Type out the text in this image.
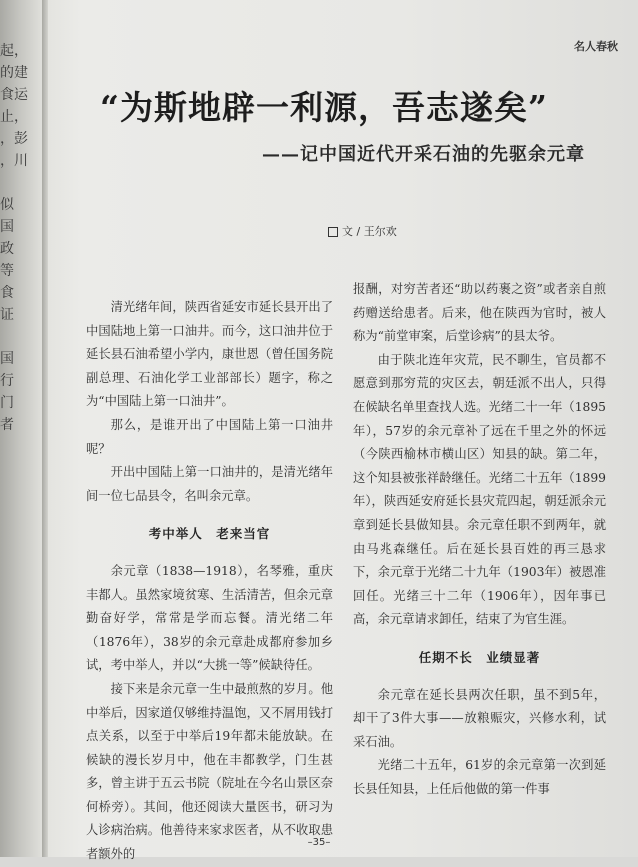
起，
的建
食运
止，
，彭
，川

似
国
政
等
食
证

国
行
门
者
名人春秋
“为斯地辟一利源，吾志遂矣”
——记中国近代开采石油的先驱余元章
文 / 王尔欢

清光绪年间，陕西省延安市延长县开出了中国陆地上第一口油井。而今，这口油井位于延长县石油希望小学内，康世恩（曾任国务院副总理、石油化学工业部部长）题字，称之为“中国陆上第一口油井”。

那么，是谁开出了中国陆上第一口油井呢？

开出中国陆上第一口油井的，是清光绪年间一位七品县令，名叫余元章。

考中举人　老来当官

余元章（1838—1918），名琴雅，重庆丰都人。虽然家境贫寒、生活清苦，但余元章勤奋好学，常常是学而忘餐。清光绪二年（1876年），38岁的余元章赴成都府参加乡试，考中举人，并以“大挑一等”候缺待任。

接下来是余元章一生中最煎熬的岁月。他中举后，因家道仅够维持温饱，又不屑用钱打点关系，以至于中举后19年都未能放缺。在候缺的漫长岁月中，他在丰都教学，门生甚多，曾主讲于五云书院（院址在今名山景区奈何桥旁）。其间，他还阅读大量医书，研习为人诊病治病。他善待来家求医者，从不收取患者额外的

报酬，对穷苦者还“助以药裹之资”或者亲自煎药赠送给患者。后来，他在陕西为官时，被人称为“前堂审案，后堂诊病”的县太爷。

由于陕北连年灾荒，民不聊生，官员都不愿意到那穷荒的灾区去，朝廷派不出人，只得在候缺名单里查找人选。光绪二十一年（1895年），57岁的余元章补了远在千里之外的怀远（今陕西榆林市横山区）知县的缺。第二年，这个知县被张祥龄继任。光绪二十五年（1899年），陕西延安府延长县灾荒四起，朝廷派余元章到延长县做知县。余元章任职不到两年，就由马兆森继任。后在延长县百姓的再三恳求下，余元章于光绪二十九年（1903年）被恩准回任。光绪三十二年（1906年），因年事已高，余元章请求卸任，结束了为官生涯。

任期不长　业绩显著

余元章在延长县两次任职，虽不到5年，却干了3件大事——放粮赈灾，兴修水利，试采石油。

光绪二十五年，61岁的余元章第一次到延长县任知县，上任后他做的第一件事

–35–
